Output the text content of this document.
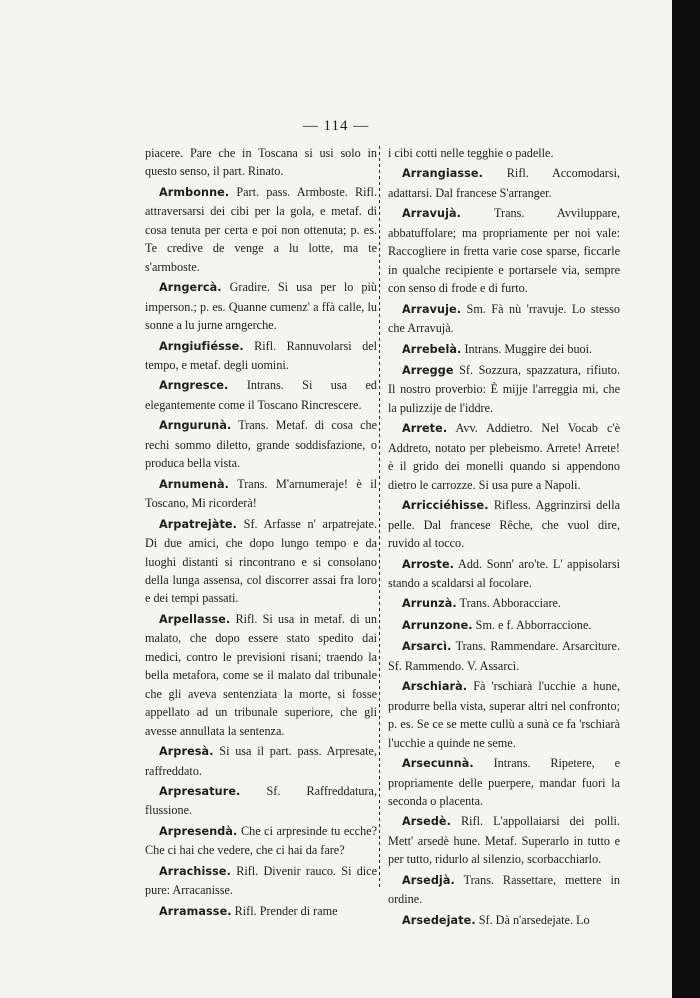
— 114 —

piacere. Pare che in Toscana si usi solo in questo senso, il part. Rinato.

Armbonne. Part. pass. Armboste. Rifl. attraversarsi dei cibi per la gola, e metaf. di cosa tenuta per certa e poi non ottenuta; p. es. Te credive de venge a lu lotte, ma te s'armboste.

Arngercà. Gradire. Si usa per lo più imperson.; p. es. Quanne cumenz' a ffà calle, lu sonne a lu jurne arngerche.

Arngiufiésse. Rifl. Rannuvolarsi del tempo, e metaf. degli uomini.

Arngresce. Intrans. Si usa ed elegantemente come il Toscano Rincrescere.

Arngurunà. Trans. Metaf. di cosa che rechi sommo diletto, grande soddisfazione, o produca bella vista.

Arnumenà. Trans. M'arnumeraje! è il Toscano, Mi ricorderà!

Arpatrejàte. Sf. Arfasse n' arpatrejate. Di due amici, che dopo lungo tempo e da luoghi distanti si rincontrano e si consolano della lunga assensa, col discorrer assai fra loro e dei tempi passati.

Arpellasse. Rifl. Si usa in metaf. di un malato, che dopo essere stato spedito dai medici, contro le previsioni risani; traendo la bella metafora, come se il malato dal tribunale che gli aveva sentenziata la morte, si fosse appellato ad un tribunale superiore, che gli avesse annullata la sentenza.

Arpresà. Si usa il part. pass. Arpresate, raffreddato.

Arpresature. Sf. Raffreddatura, flussione.

Arpresendà. Che ci arpresinde tu ecche? Che ci hai che vedere, che ci hai da fare?

Arrachisse. Rifl. Divenir rauco. Si dice pure: Arracanisse.

Arramasse. Rifl. Prender di rame

i cibi cotti nelle tegghie o padelle.

Arrangiasse. Rifl. Accomodarsi, adattarsi. Dal francese S'arranger.

Arravujà. Trans. Avviluppare, abbatuffolare; ma propriamente per noi vale: Raccogliere in fretta varie cose sparse, ficcarle in qualche recipiente e portarsele via, sempre con senso di frode e di furto.

Arravuje. Sm. Fà nù 'rravuje. Lo stesso che Arravujà.

Arrebelà. Intrans. Muggire dei buoi.

Arregge Sf. Sozzura, spazzatura, rifiuto. Il nostro proverbio: È mijje l'arreggia mi, che la pulizzije de l'iddre.

Arrete. Avv. Addietro. Nel Vocab c'è Addreto, notato per plebeismo. Arrete! Arrete! è il grido dei monelli quando si appendono dietro le carrozze. Si usa pure a Napoli.

Arricciéhisse. Rifless. Aggrinzirsi della pelle. Dal francese Rêche, che vuol dire, ruvido al tocco.

Arroste. Add. Sonn' aro'te. L' appisolarsi stando a scaldarsi al focolare.

Arrunzà. Trans. Abboracciare.

Arrunzone. Sm. e f. Abborraccione.

Arsarcì. Trans. Rammendare. Arsarcìture. Sf. Rammendo. V. Assarcì.

Arschiarà. Fà 'rschiarà l'ucchie a hune, produrre bella vista, superar altri nel confronto; p. es. Se ce se mette cullù a sunà ce fa 'rschiarà l'ucchie a quinde ne seme.

Arsecunnà. Intrans. Ripetere, e propriamente delle puerpere, mandar fuori la seconda o placenta.

Arsedè. Rifl. L'appollaiarsi dei polli. Mett' arsedè hune. Metaf. Superarlo in tutto e per tutto, ridurlo al silenzio, scorbacchiarlo.

Arsedjà. Trans. Rassettare, mettere in ordine.

Arsedejate. Sf. Dà n'arsedejate. Lo
